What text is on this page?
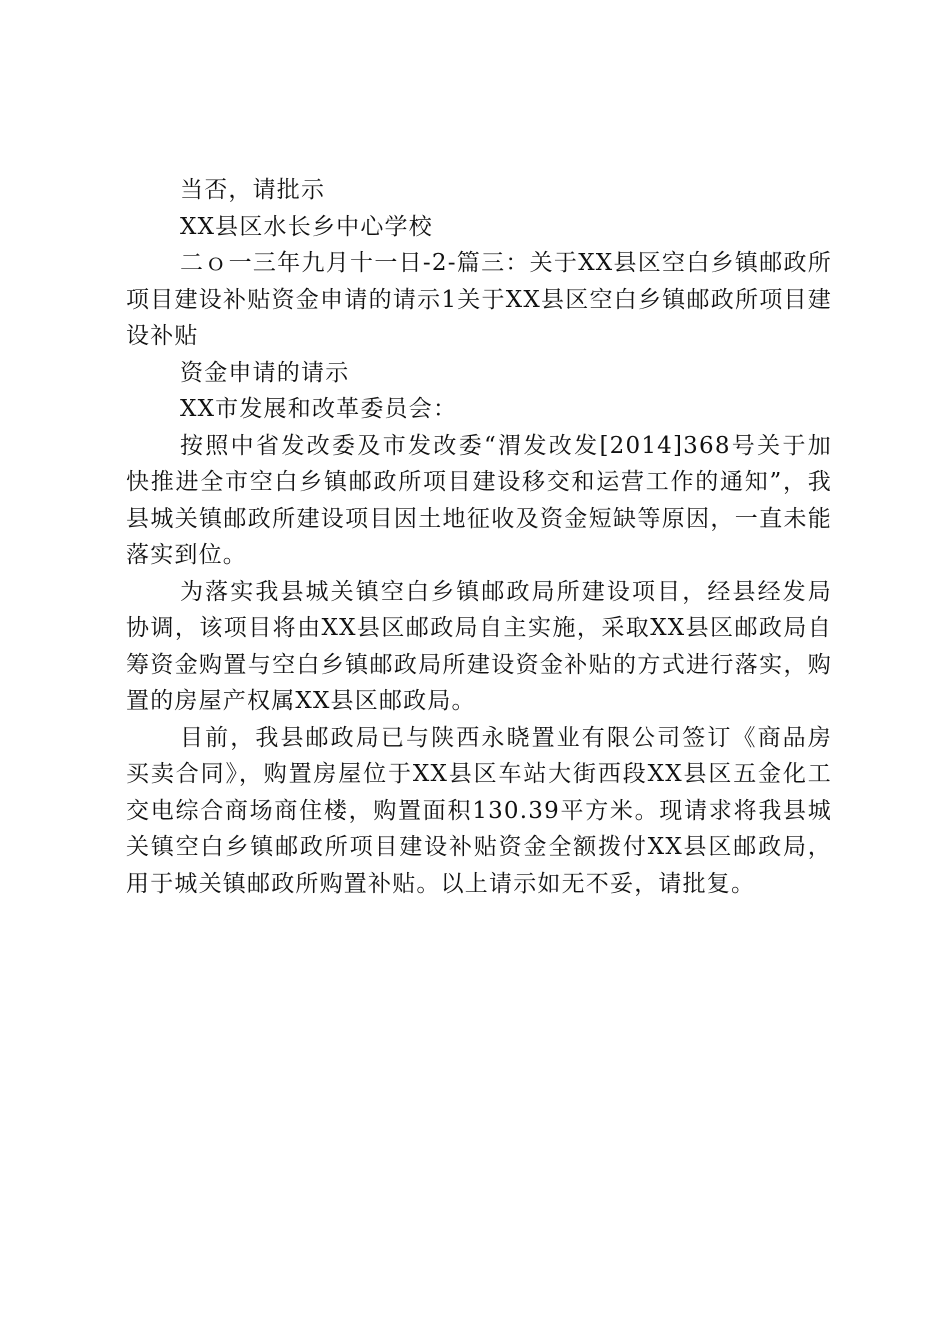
当否，请批示

XX县区水长乡中心学校

二ｏ一三年九月十一日-2-篇三：关于XX县区空白乡镇邮政所项目建设补贴资金申请的请示1关于XX县区空白乡镇邮政所项目建设补贴

资金申请的请示

XX市发展和改革委员会：

按照中省发改委及市发改委“渭发改发[2014]368号关于加快推进全市空白乡镇邮政所项目建设移交和运营工作的通知”，我县城关镇邮政所建设项目因土地征收及资金短缺等原因，一直未能落实到位。

为落实我县城关镇空白乡镇邮政局所建设项目，经县经发局协调，该项目将由XX县区邮政局自主实施，采取XX县区邮政局自筹资金购置与空白乡镇邮政局所建设资金补贴的方式进行落实，购置的房屋产权属XX县区邮政局。

目前，我县邮政局已与陕西永晓置业有限公司签订《商品房买卖合同》，购置房屋位于XX县区车站大街西段XX县区五金化工交电综合商场商住楼，购置面积130.39平方米。现请求将我县城关镇空白乡镇邮政所项目建设补贴资金全额拨付XX县区邮政局，用于城关镇邮政所购置补贴。以上请示如无不妥，请批复。
